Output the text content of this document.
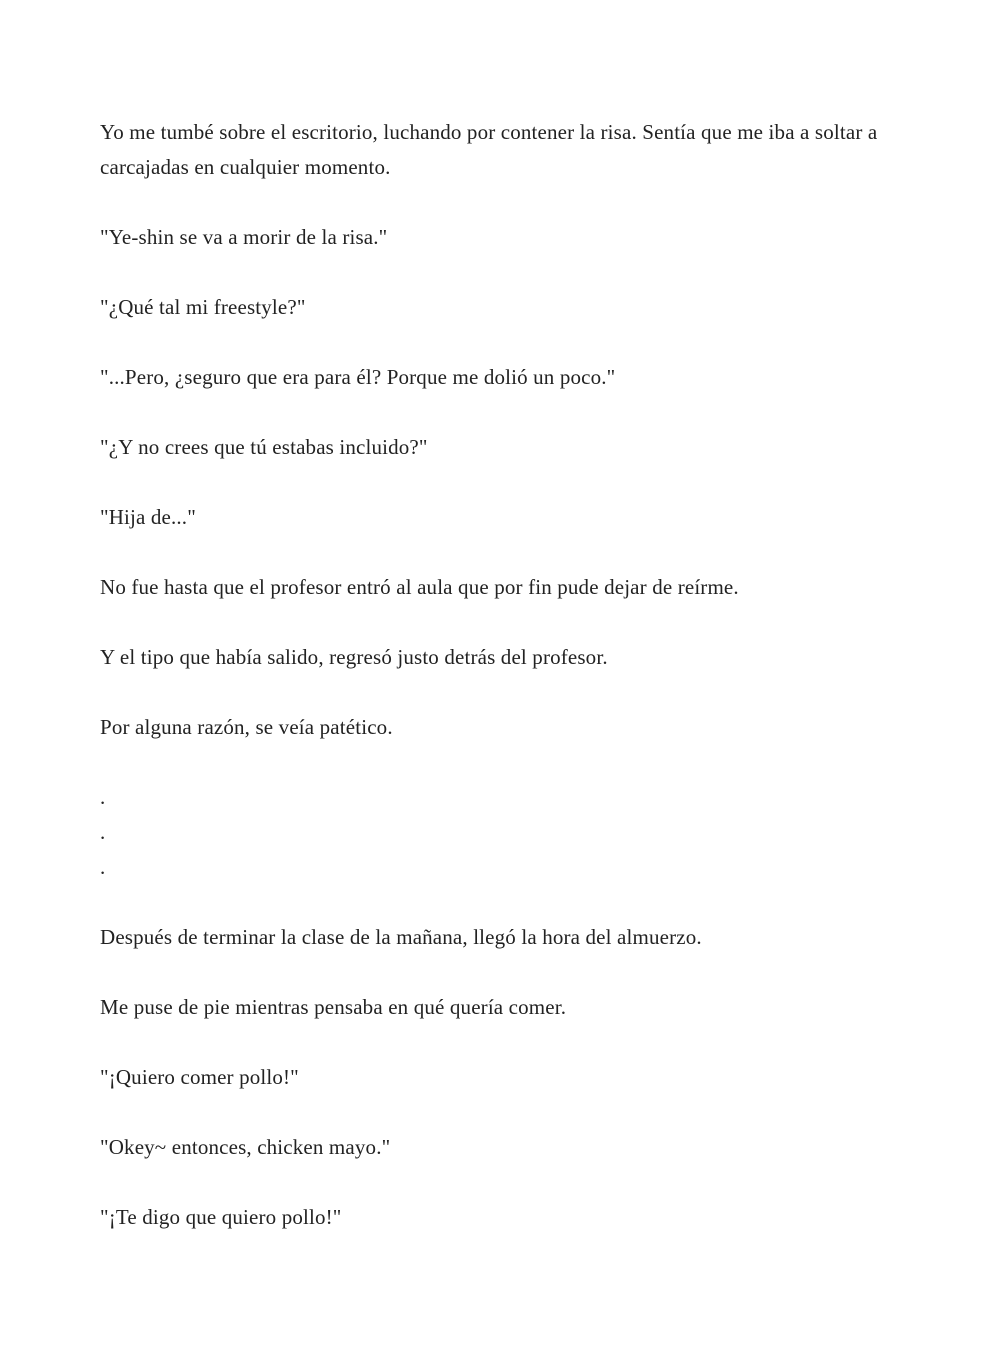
Yo me tumbé sobre el escritorio, luchando por contener la risa. Sentía que me iba a soltar a carcajadas en cualquier momento.

"Ye-shin se va a morir de la risa."

"¿Qué tal mi freestyle?"

"...Pero, ¿seguro que era para él? Porque me dolió un poco."

"¿Y no crees que tú estabas incluido?"

"Hija de..."

No fue hasta que el profesor entró al aula que por fin pude dejar de reírme.

Y el tipo que había salido, regresó justo detrás del profesor.

Por alguna razón, se veía patético.

.
.
.

Después de terminar la clase de la mañana, llegó la hora del almuerzo.

Me puse de pie mientras pensaba en qué quería comer.

"¡Quiero comer pollo!"

"Okey~ entonces, chicken mayo."

"¡Te digo que quiero pollo!"
